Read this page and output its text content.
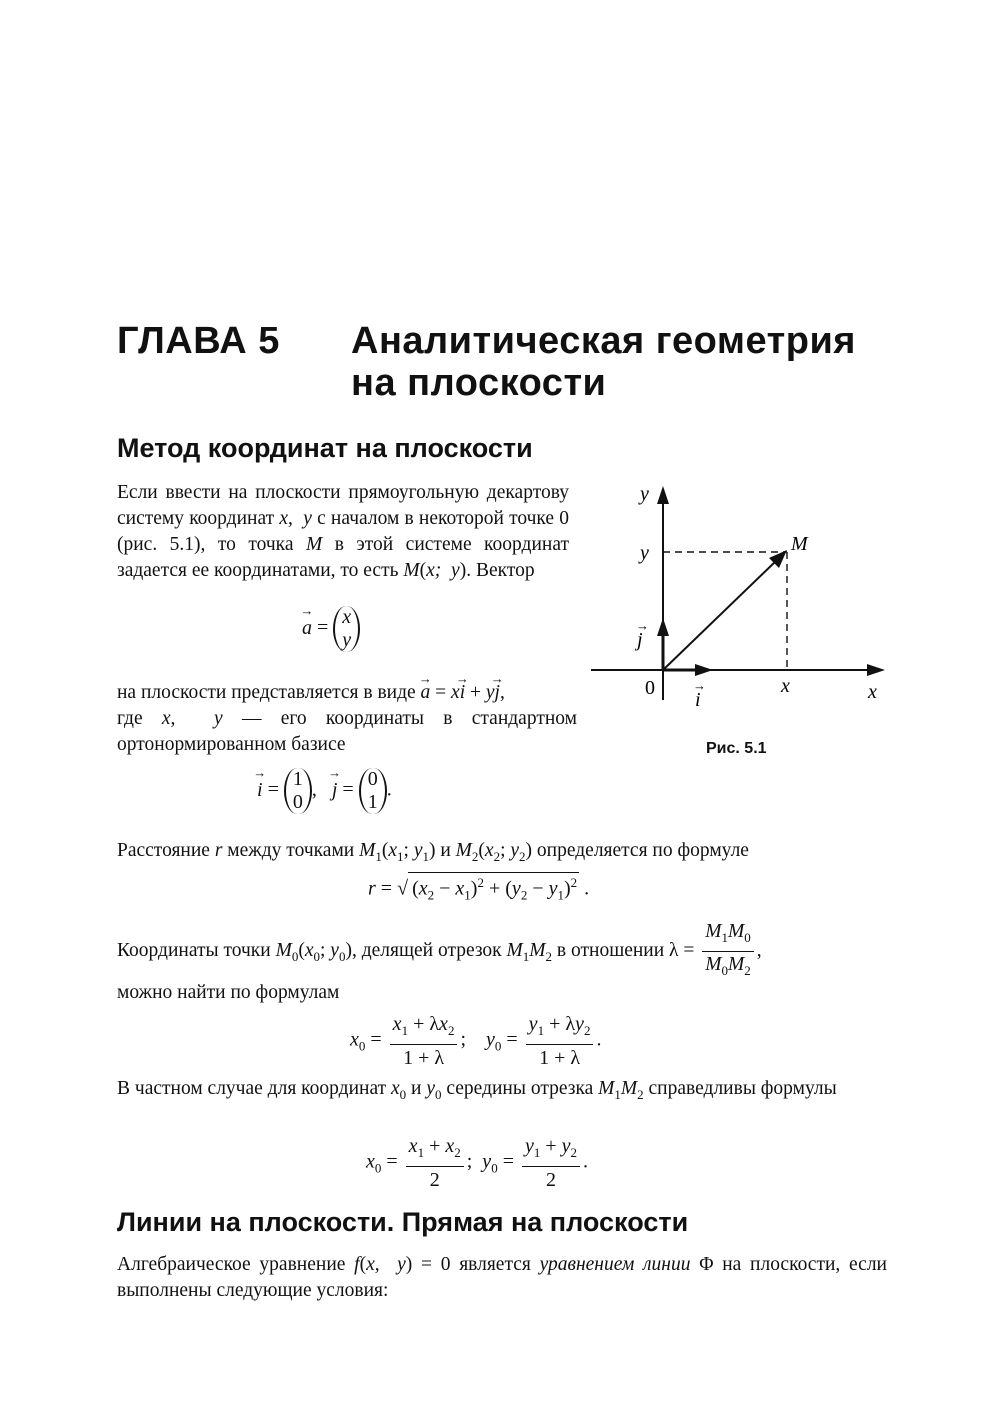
ГЛАВА 5 Аналитическая геометрия
на плоскости
Метод координат на плоскости
Если ввести на плоскости прямоугольную декартову систему координат x,  y с началом в некоторой точке 0 (рис. 5.1), то точка M в этой системе координат задается ее координатами, то есть M(x;  y). Вектор
→ a = x
y
на плоскости представляется в виде → a = x→ i + y→ j,
где x,  y — его координаты в стандартном ортонормированном базисе
→ i = 1
0
,   → j = 0
1
.
y
y	M
j
→
0
i
→	x	x
Рис. 5.1
Расстояние r между точками $M_1(x_1$; $y_1$) и $M_2(x_2$; $y_2$) определяется по формуле
r = √ $(x_2 - x_1)^2 + (y_2 - y_1)^2$ .
Координаты точки $M_0(x_0$; $y_0$), делящей отрезок $M_1M_2$ в отношении $\lambda = \frac{M_1M_0}{M_0M_2}$ ,
можно найти по формулам
$x_0 = \frac{x_1 + \lambda x_2}{1 + \lambda}$ ;    $y_0 = \frac{y_1 + \lambda y_2}{1 + \lambda}$ .
В частном случае для координат $x_0$ и $y_0$ середины отрезка $M_1M_2$ справедливы формулы
$x_0 = \frac{x_1 + x_2}{2}$ ;  $y_0 = \frac{y_1 + y_2}{2}$ .
Линии на плоскости. Прямая на плоскости
Алгебраическое уравнение f(x,  y) = 0 является уравнением линии Φ на плоскости, если выполнены следующие условия:
